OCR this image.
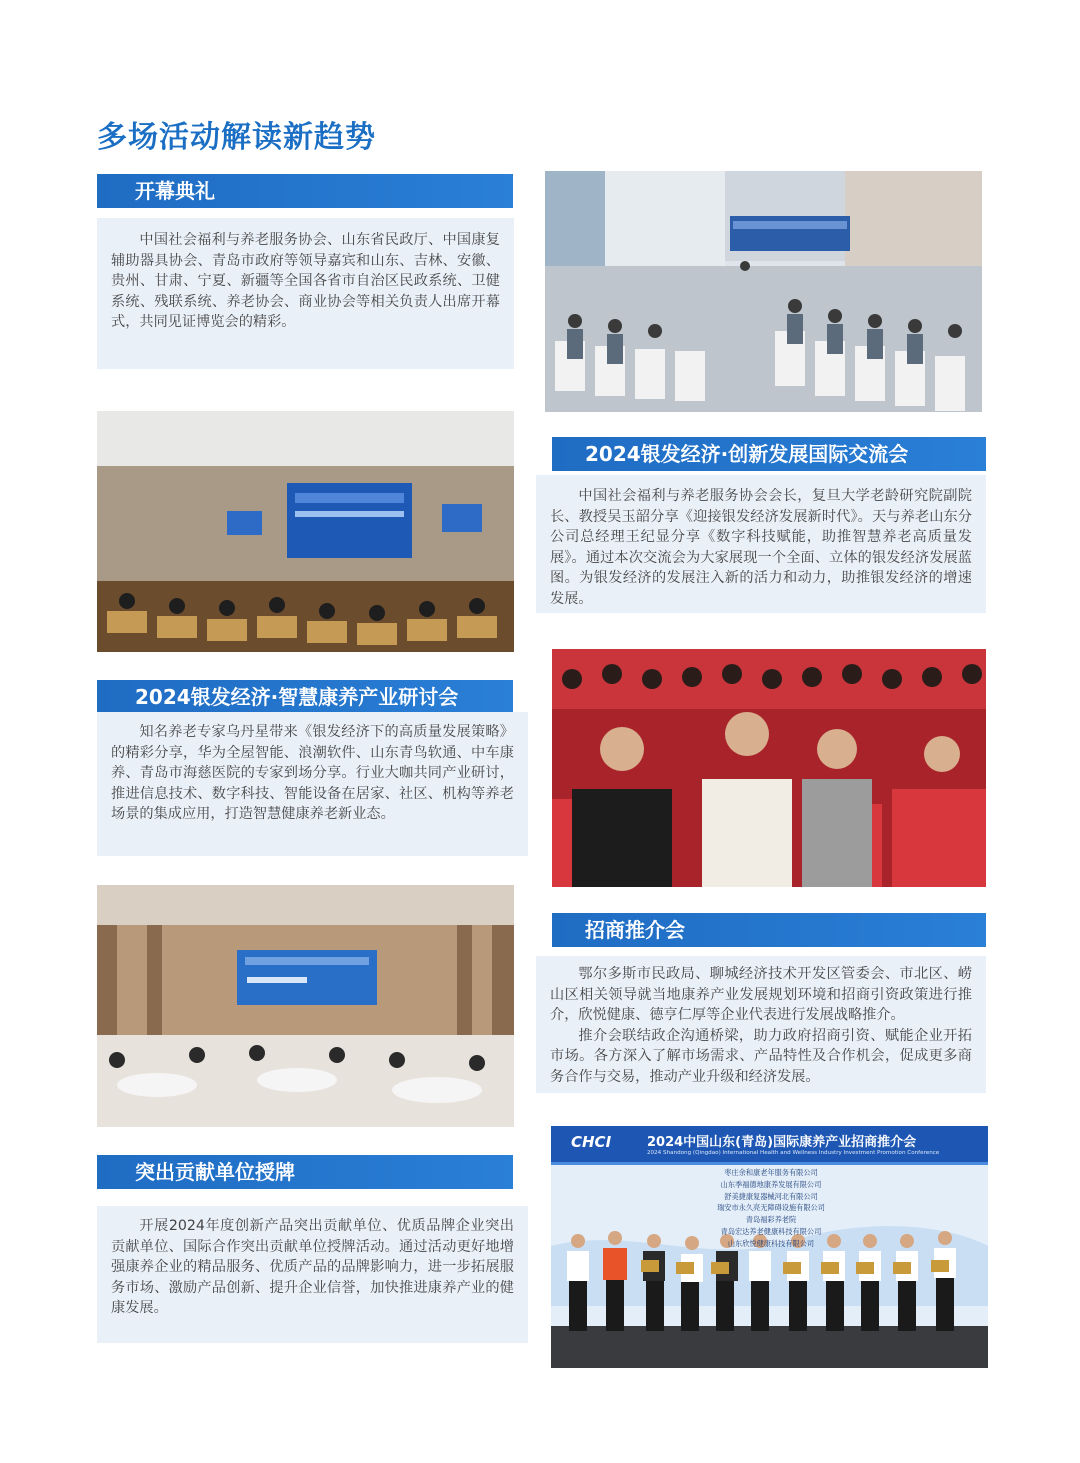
多场活动解读新趋势
开幕典礼

中国社会福利与养老服务协会、山东省民政厅、中国康复辅助器具协会、青岛市政府等领导嘉宾和山东、吉林、安徽、贵州、甘肃、宁夏、新疆等全国各省市自治区民政系统、卫健系统、残联系统、养老协会、商业协会等相关负责人出席开幕式，共同见证博览会的精彩。

2024银发经济·创新发展国际交流会

中国社会福利与养老服务协会会长，复旦大学老龄研究院副院长、教授吴玉韶分享《迎接银发经济发展新时代》。天与养老山东分公司总经理王纪显分享《数字科技赋能，助推智慧养老高质量发展》。通过本次交流会为大家展现一个全面、立体的银发经济发展蓝图。为银发经济的发展注入新的活力和动力，助推银发经济的增速发展。

2024银发经济·智慧康养产业研讨会

知名养老专家乌丹星带来《银发经济下的高质量发展策略》的精彩分享，华为全屋智能、浪潮软件、山东青鸟软通、中车康养、青岛市海慈医院的专家到场分享。行业大咖共同产业研讨，推进信息技术、数字科技、智能设备在居家、社区、机构等养老场景的集成应用，打造智慧健康养老新业态。

招商推介会

鄂尔多斯市民政局、聊城经济技术开发区管委会、市北区、崂山区相关领导就当地康养产业发展规划环境和招商引资政策进行推介，欣悦健康、德亨仁厚等企业代表进行发展战略推介。

推介会联结政企沟通桥梁，助力政府招商引资、赋能企业开拓市场。各方深入了解市场需求、产品特性及合作机会，促成更多商务合作与交易，推动产业升级和经济发展。

突出贡献单位授牌

开展2024年度创新产品突出贡献单位、优质品牌企业突出贡献单位、国际合作突出贡献单位授牌活动。通过活动更好地增强康养企业的精品服务、优质产品的品牌影响力，进一步拓展服务市场、激励产品创新、提升企业信誉，加快推进康养产业的健康发展。

CHCI	2024中国山东(青岛)国际康养产业招商推介会
2024 Shandong (Qingdao) International Health and Wellness Industry Investment Promotion Conference
枣庄余和康老年服务有限公司
山东季福德地康养发展有限公司
舒美捷康复器械河北有限公司
瑞安市永久亮无障碍设施有限公司
青岛福彩养老院
青岛宏达养老健康科技有限公司
山东欣悦健康科技有限公司
